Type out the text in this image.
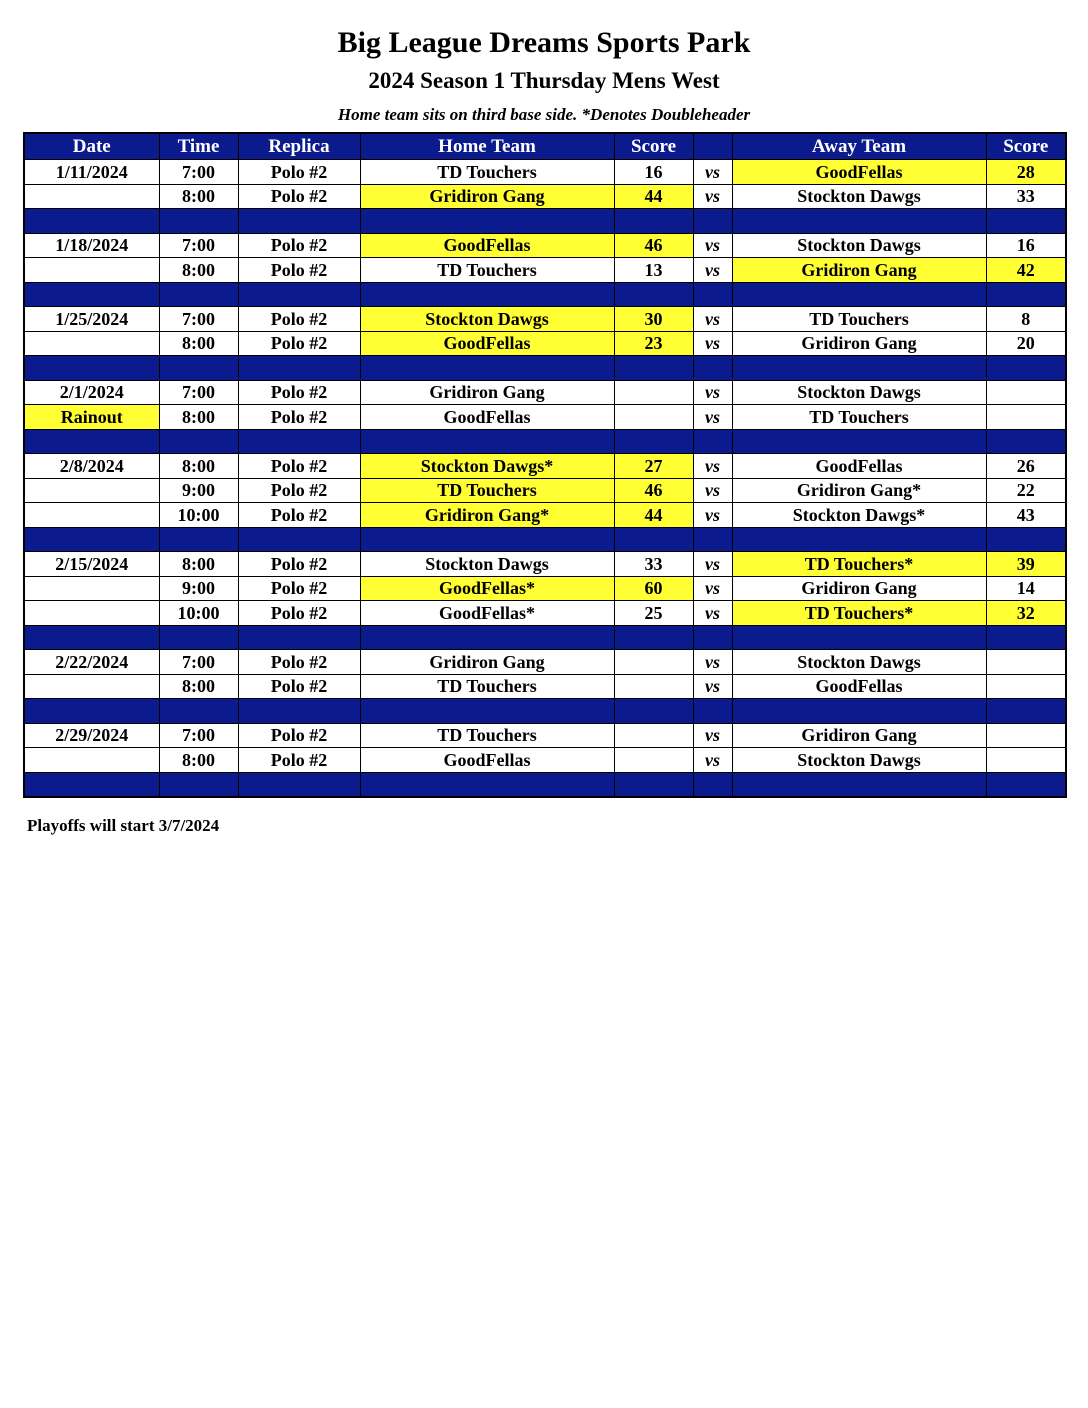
Big League Dreams Sports Park
2024 Season 1 Thursday Mens West
Home team sits on third base side. *Denotes Doubleheader
Date	Time	Replica	Home Team	Score		Away Team	Score
1/11/2024	7:00	Polo #2	TD Touchers	16	vs	GoodFellas	28
	8:00	Polo #2	Gridiron Gang	44	vs	Stockton Dawgs	33

1/18/2024	7:00	Polo #2	GoodFellas	46	vs	Stockton Dawgs	16
	8:00	Polo #2	TD Touchers	13	vs	Gridiron Gang	42

1/25/2024	7:00	Polo #2	Stockton Dawgs	30	vs	TD Touchers	8
	8:00	Polo #2	GoodFellas	23	vs	Gridiron Gang	20

2/1/2024	7:00	Polo #2	Gridiron Gang		vs	Stockton Dawgs	
Rainout	8:00	Polo #2	GoodFellas		vs	TD Touchers	

2/8/2024	8:00	Polo #2	Stockton Dawgs*	27	vs	GoodFellas	26
	9:00	Polo #2	TD Touchers	46	vs	Gridiron Gang*	22
	10:00	Polo #2	Gridiron Gang*	44	vs	Stockton Dawgs*	43

2/15/2024	8:00	Polo #2	Stockton Dawgs	33	vs	TD Touchers*	39
	9:00	Polo #2	GoodFellas*	60	vs	Gridiron Gang	14
	10:00	Polo #2	GoodFellas*	25	vs	TD Touchers*	32

2/22/2024	7:00	Polo #2	Gridiron Gang		vs	Stockton Dawgs	
	8:00	Polo #2	TD Touchers		vs	GoodFellas	

2/29/2024	7:00	Polo #2	TD Touchers		vs	Gridiron Gang	
	8:00	Polo #2	GoodFellas		vs	Stockton Dawgs	

Playoffs will start 3/7/2024
